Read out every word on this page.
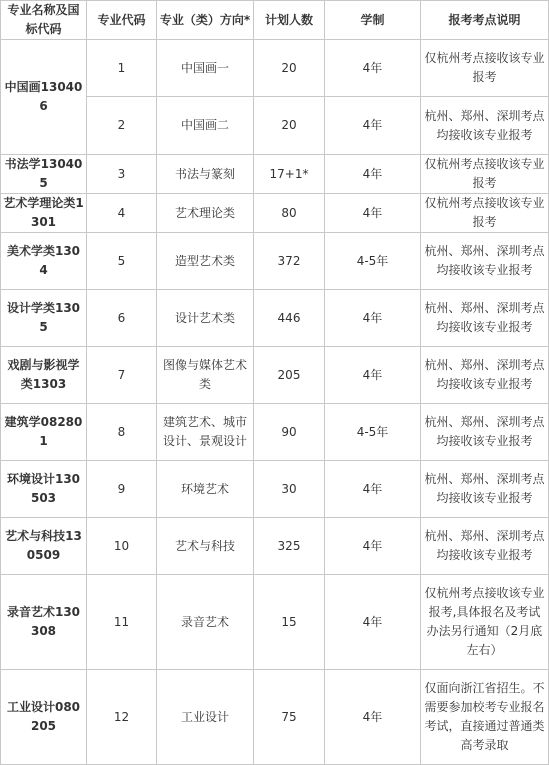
专业名称及国标代码	专业代码	专业（类）方向*	计划人数	学制	报考考点说明
中国画130406	1	中国画一	20	4年	仅杭州考点接收该专业报考
	2	中国画二	20	4年	杭州、郑州、深圳考点均接收该专业报考
书法学130405	3	书法与篆刻	17+1*	4年	仅杭州考点接收该专业报考
艺术学理论类1301	4	艺术理论类	80	4年	仅杭州考点接收该专业报考
美术学类1304	5	造型艺术类	372	4-5年	杭州、郑州、深圳考点均接收该专业报考
设计学类1305	6	设计艺术类	446	4年	杭州、郑州、深圳考点均接收该专业报考
戏剧与影视学类1303	7	图像与媒体艺术类	205	4年	杭州、郑州、深圳考点均接收该专业报考
建筑学082801	8	建筑艺术、城市设计、景观设计	90	4-5年	杭州、郑州、深圳考点均接收该专业报考
环境设计130503	9	环境艺术	30	4年	杭州、郑州、深圳考点均接收该专业报考
艺术与科技130509	10	艺术与科技	325	4年	杭州、郑州、深圳考点均接收该专业报考
录音艺术130308	11	录音艺术	15	4年	仅杭州考点接收该专业报考,具体报名及考试办法另行通知（2月底左右）
工业设计080205	12	工业设计	75	4年	仅面向浙江省招生。不需要参加校考专业报名考试，直接通过普通类高考录取
